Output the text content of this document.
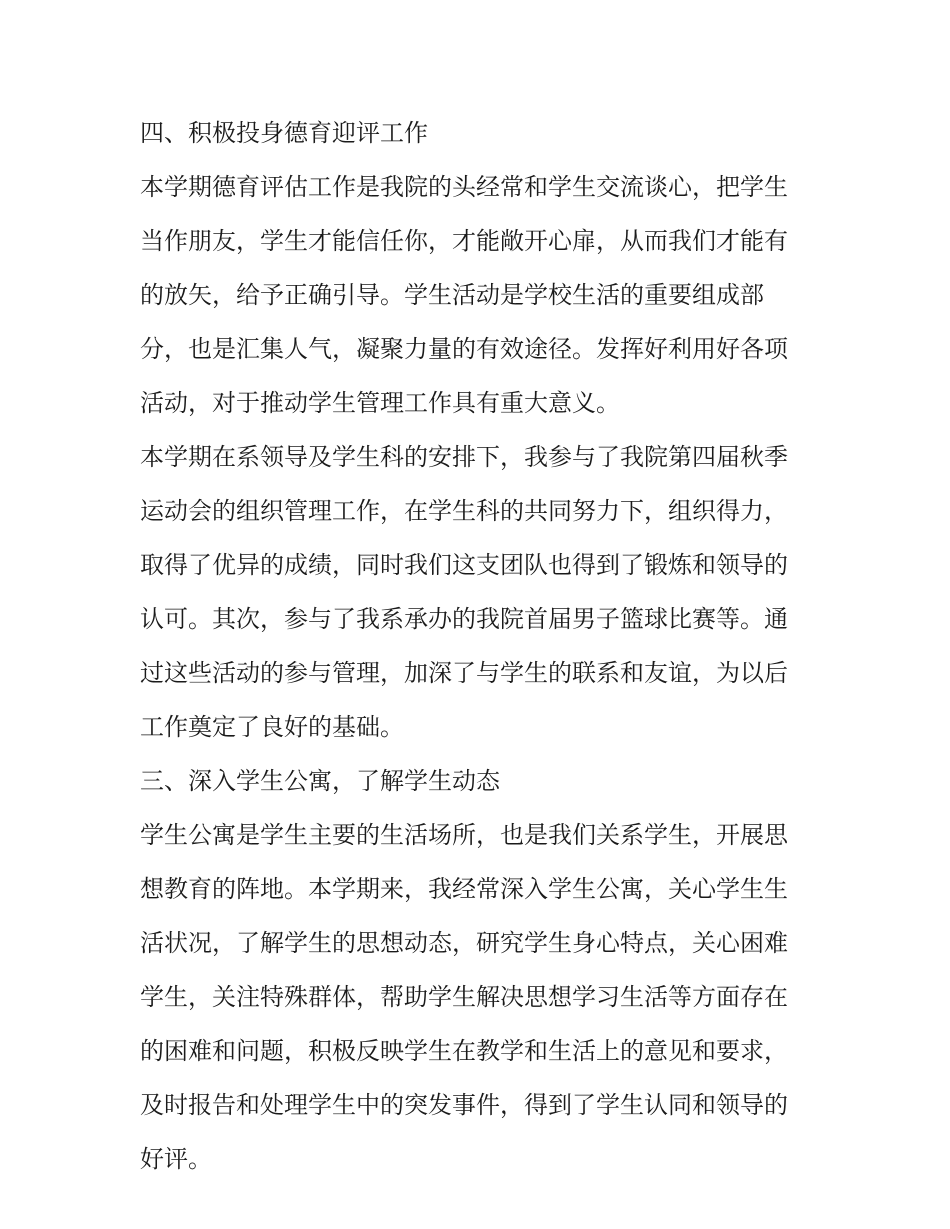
四、积极投身德育迎评工作
本学期德育评估工作是我院的头经常和学生交流谈心，把学生
当作朋友，学生才能信任你，才能敞开心扉，从而我们才能有
的放矢，给予正确引导。学生活动是学校生活的重要组成部
分，也是汇集人气，凝聚力量的有效途径。发挥好利用好各项
活动，对于推动学生管理工作具有重大意义。
本学期在系领导及学生科的安排下，我参与了我院第四届秋季
运动会的组织管理工作，在学生科的共同努力下，组织得力，
取得了优异的成绩，同时我们这支团队也得到了锻炼和领导的
认可。其次，参与了我系承办的我院首届男子篮球比赛等。通
过这些活动的参与管理，加深了与学生的联系和友谊，为以后
工作奠定了良好的基础。
三、深入学生公寓，了解学生动态
学生公寓是学生主要的生活场所，也是我们关系学生，开展思
想教育的阵地。本学期来，我经常深入学生公寓，关心学生生
活状况，了解学生的思想动态，研究学生身心特点，关心困难
学生，关注特殊群体，帮助学生解决思想学习生活等方面存在
的困难和问题，积极反映学生在教学和生活上的意见和要求，
及时报告和处理学生中的突发事件，得到了学生认同和领导的
好评。
